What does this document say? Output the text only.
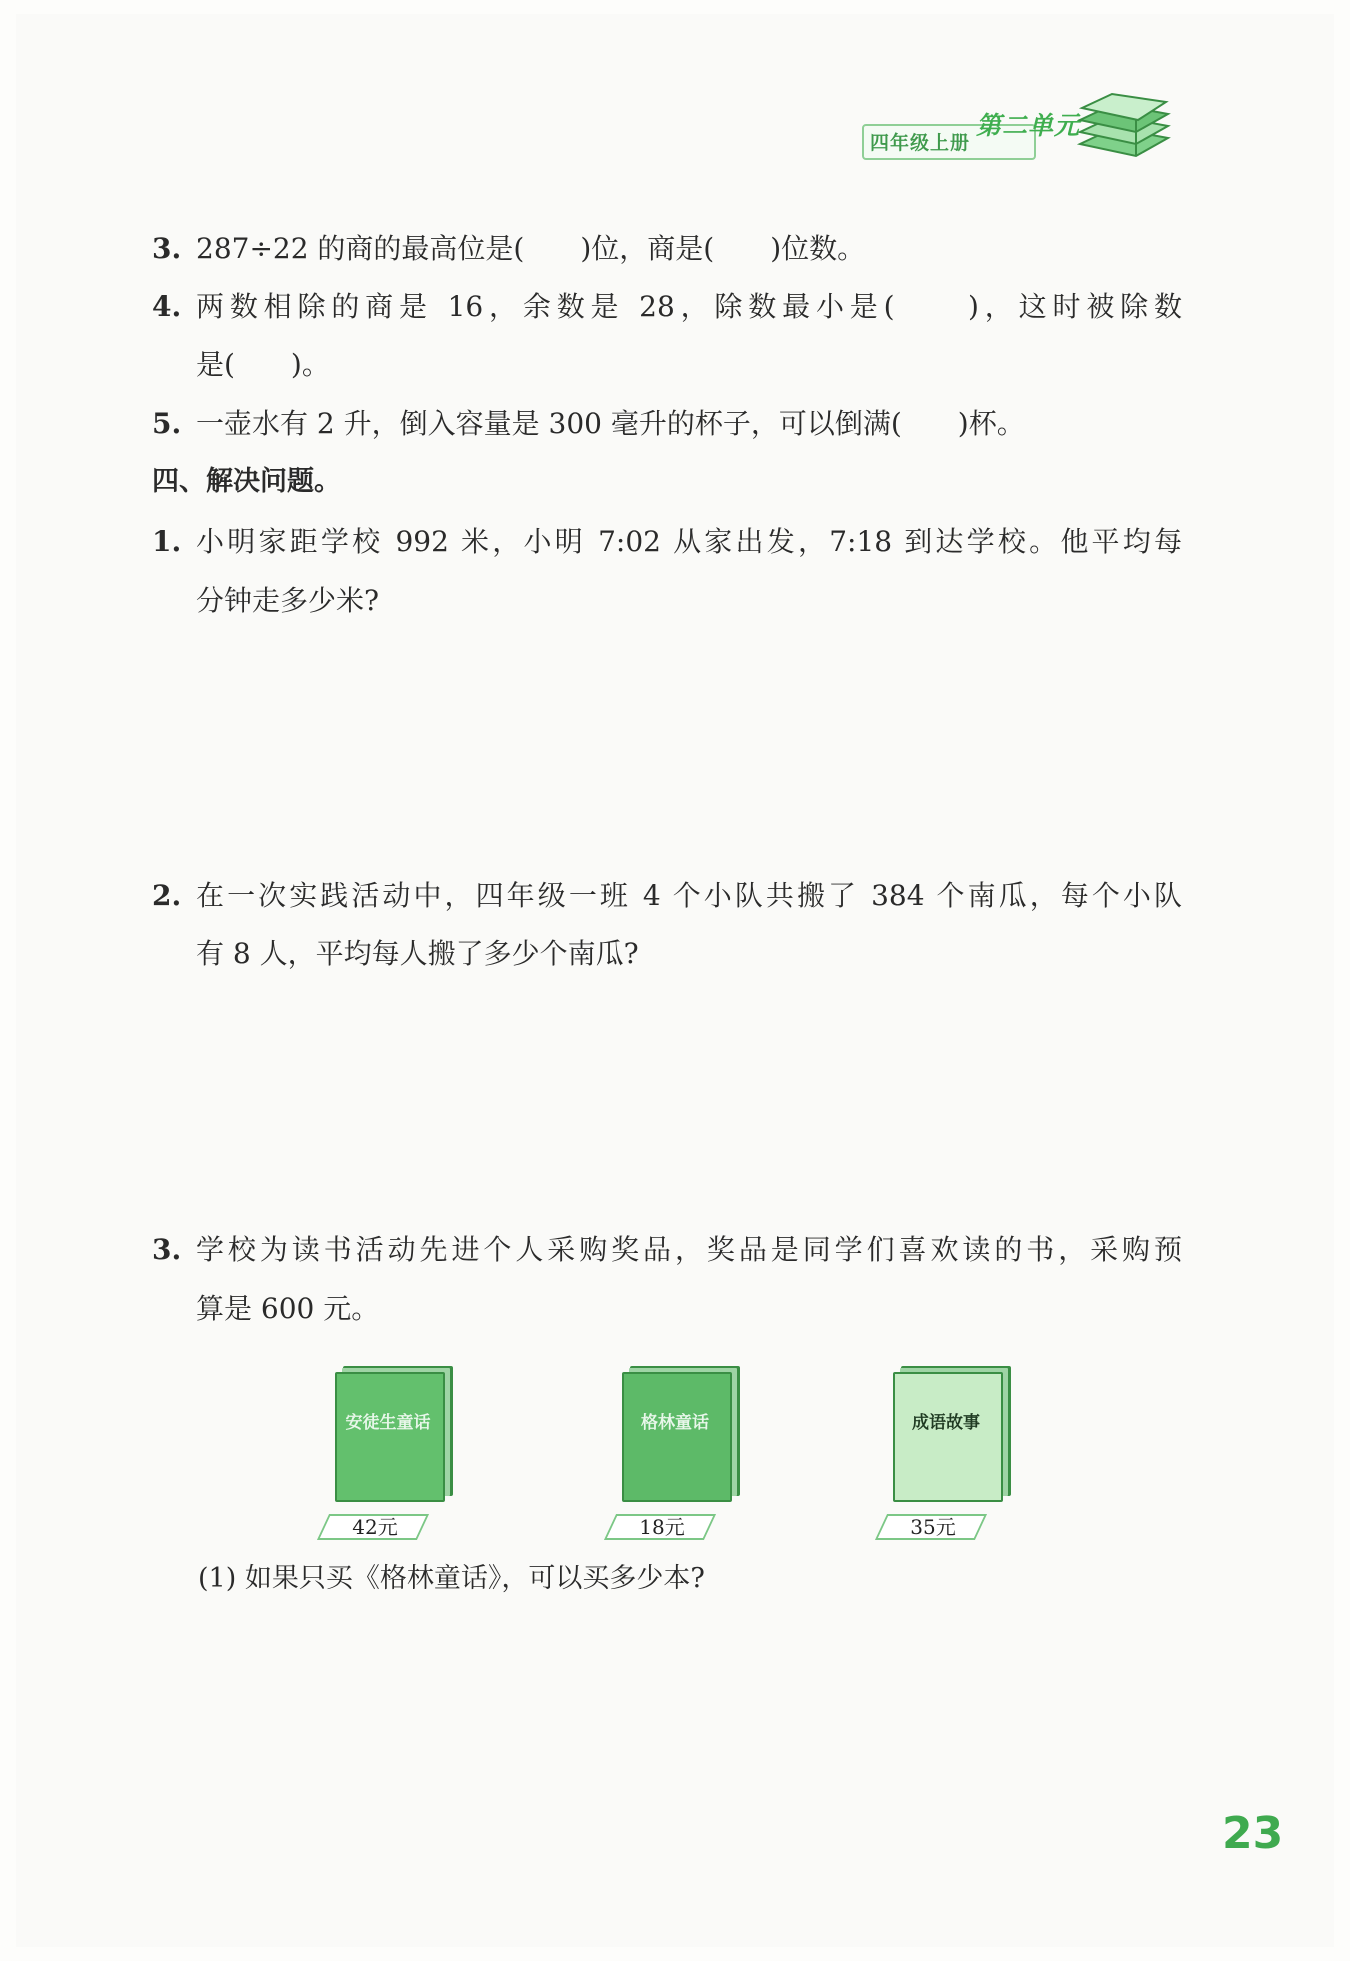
四年级上册
第二单元
3. 287÷22 的商的最高位是(　　)位，商是(　　)位数。
4. 两数相除的商是 16，余数是 28，除数最小是(　　)，这时被除数
是(　　)。
5. 一壶水有 2 升，倒入容量是 300 毫升的杯子，可以倒满(　　)杯。
四、解决问题。
1. 小明家距学校 992 米，小明 7:02 从家出发，7:18 到达学校。他平均每
分钟走多少米?
2. 在一次实践活动中，四年级一班 4 个小队共搬了 384 个南瓜，每个小队
有 8 人，平均每人搬了多少个南瓜?
3. 学校为读书活动先进个人采购奖品，奖品是同学们喜欢读的书，采购预
算是 600 元。
安徒生童话
42元
格林童话
18元
成语故事
35元
(1) 如果只买《格林童话》，可以买多少本?
23
